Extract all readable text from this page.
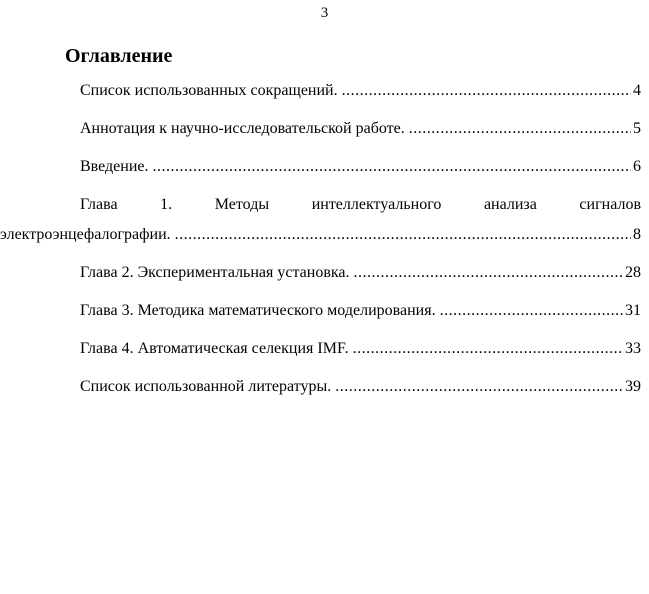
3
Оглавление
Список использованных сокращений. .....	4
Аннотация к научно-исследовательской работе. .....	5
Введение. .....	6
Глава	1.	Методы	интеллектуального	анализа	сигналов
электроэнцефалографии. .....	8
Глава 2. Экспериментальная установка. .....	28
Глава 3. Методика математического моделирования. .....	31
Глава 4. Автоматическая селекция IMF. .....	33
Список использованной литературы. .....	39
